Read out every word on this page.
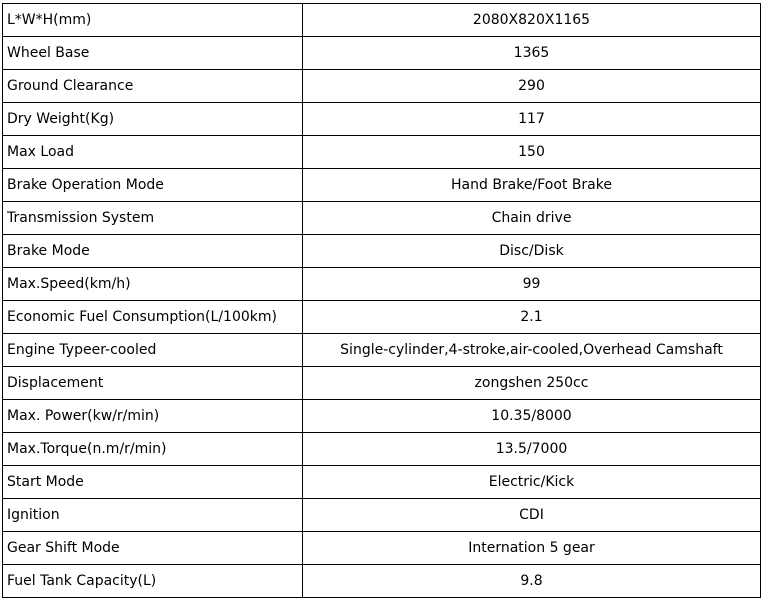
L*W*H(mm)	2080X820X1165
Wheel Base	1365
Ground Clearance	290
Dry Weight(Kg)	117
Max Load	150
Brake Operation Mode	Hand Brake/Foot Brake
Transmission System	Chain drive
Brake Mode	Disc/Disk
Max.Speed(km/h)	99
Economic Fuel Consumption(L/100km)	2.1
Engine Typeer-cooled	Single-cylinder,4-stroke,air-cooled,Overhead Camshaft
Displacement	zongshen 250cc
Max. Power(kw/r/min)	10.35/8000
Max.Torque(n.m/r/min)	13.5/7000
Start Mode	Electric/Kick
Ignition	CDI
Gear Shift Mode	Internation 5 gear
Fuel Tank Capacity(L)	9.8
